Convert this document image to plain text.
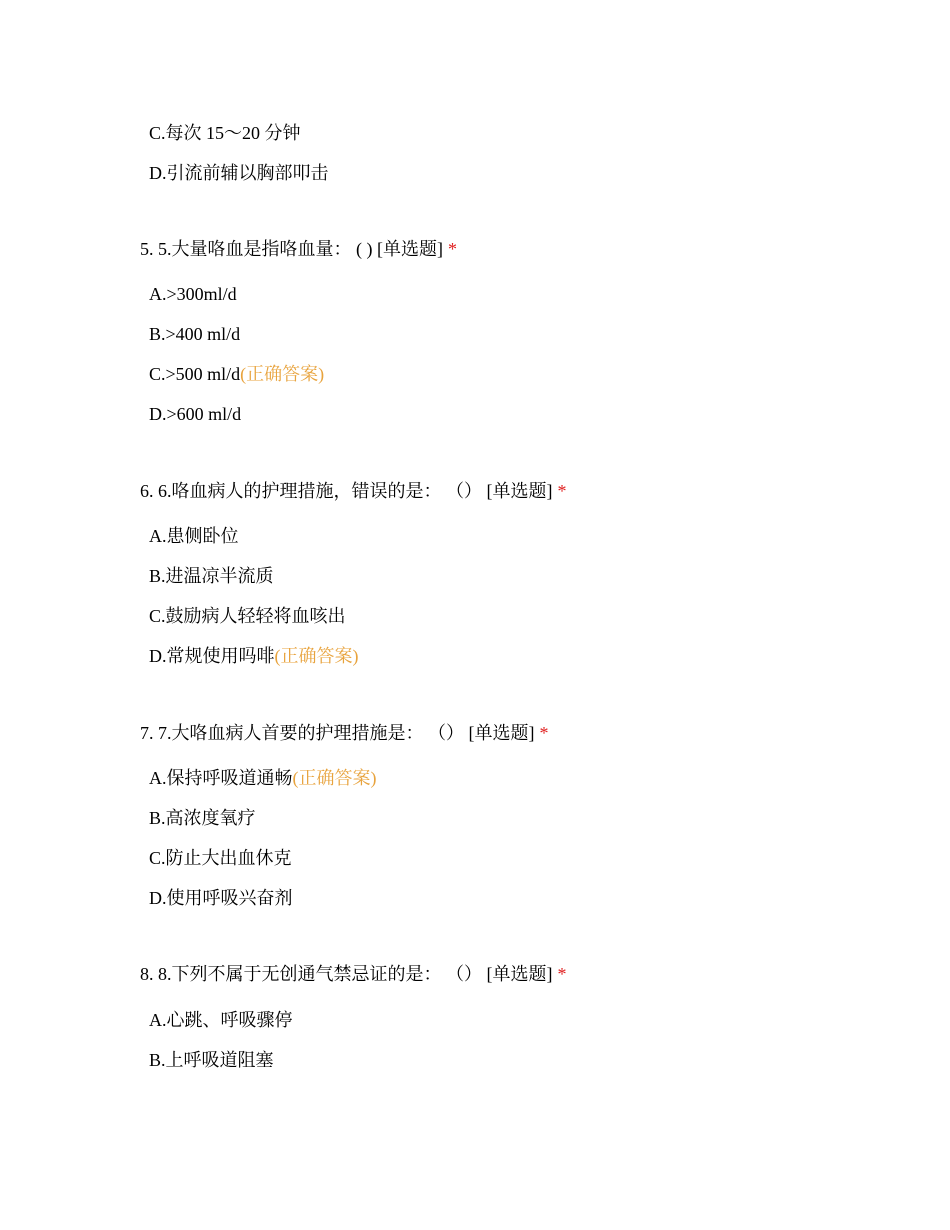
C.每次 15～20 分钟
D.引流前辅以胸部叩击
5. 5.大量咯血是指咯血量： ( ) [单选题] *
A.>300ml/d
B.>400 ml/d
C.>500 ml/d(正确答案)
D.>600 ml/d
6. 6.咯血病人的护理措施，错误的是： （） [单选题] *
A.患侧卧位
B.进温凉半流质
C.鼓励病人轻轻将血咳出
D.常规使用吗啡(正确答案)
7. 7.大咯血病人首要的护理措施是： （） [单选题] *
A.保持呼吸道通畅(正确答案)
B.高浓度氧疗
C.防止大出血休克
D.使用呼吸兴奋剂
8. 8.下列不属于无创通气禁忌证的是： （） [单选题] *
A.心跳、呼吸骤停
B.上呼吸道阻塞
